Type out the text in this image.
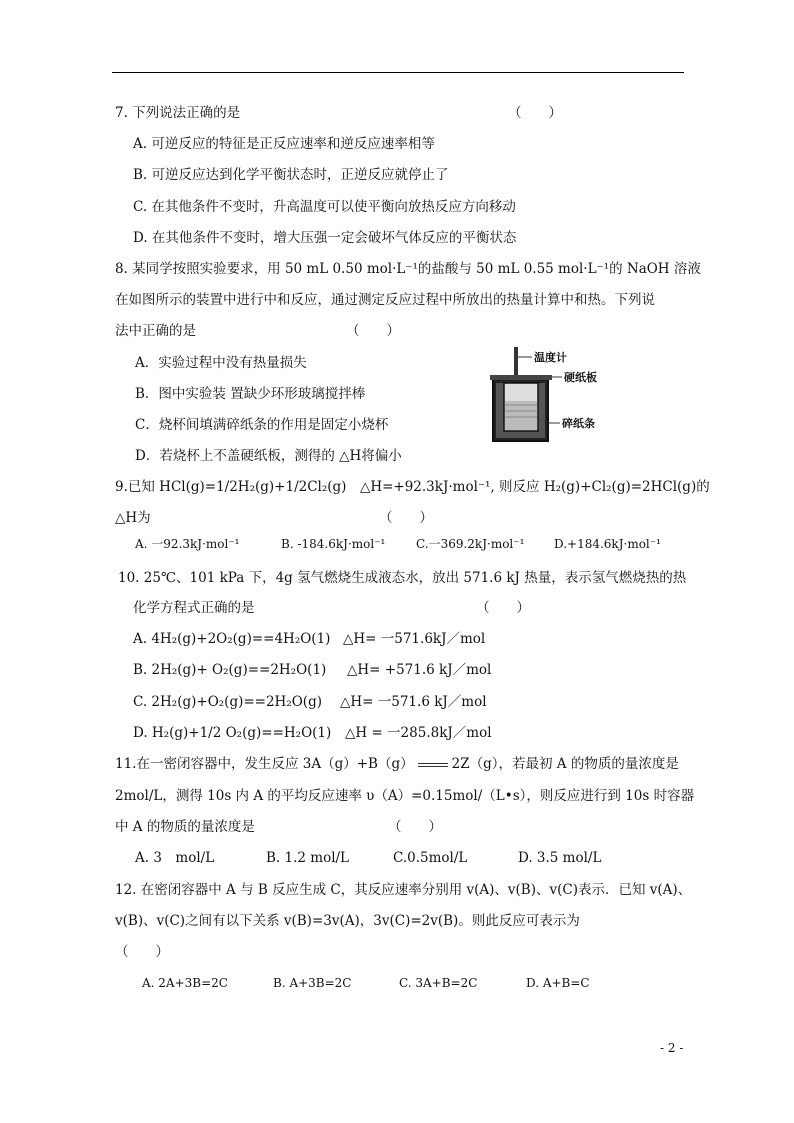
7. 下列说法正确的是	（　　）
A. 可逆反应的特征是正反应速率和逆反应速率相等
B. 可逆反应达到化学平衡状态时，正逆反应就停止了
C. 在其他条件不变时，升高温度可以使平衡向放热反应方向移动
D. 在其他条件不变时，增大压强一定会破坏气体反应的平衡状态
8. 某同学按照实验要求，用 50 mL 0.50 mol·L⁻¹的盐酸与 50 mL 0.55 mol·L⁻¹的 NaOH 溶液
在如图所示的装置中进行中和反应，通过测定反应过程中所放出的热量计算中和热。下列说
法中正确的是	（　　）
A．实验过程中没有热量损失
B．图中实验装 置缺少环形玻璃搅拌棒
C．烧杯间填满碎纸条的作用是固定小烧杯
D．若烧杯上不盖硬纸板，测得的 △H将偏小
温度计
硬纸板
碎纸条
9.已知 HCl(g)=1/2H₂(g)+1/2Cl₂(g)　△H=+92.3kJ·mol⁻¹, 则反应 H₂(g)+Cl₂(g)=2HCl(g)的
△H为	（　　）
A. 一92.3kJ·mol⁻¹	B. -184.6kJ·mol⁻¹	C.一369.2kJ·mol⁻¹ D.+184.6kJ·mol⁻¹
10. 25℃、101 kPa 下，4g 氢气燃烧生成液态水，放出 571.6 kJ 热量，表示氢气燃烧热的热
化学方程式正确的是	（　　）
A. 4H₂(g)+2O₂(g)==4H₂O(1) △H= 一571.6kJ／mol
B. 2H₂(g)+ O₂(g)==2H₂O(1) △H= +571.6 kJ／mol
C. 2H₂(g)+O₂(g)==2H₂O(g) △H= 一571.6 kJ／mol
D. H₂(g)+1/2 O₂(g)==H₂O(1) △H = 一285.8kJ／mol
11.在一密闭容器中，发生反应 3A（g）+B（g）	2Z（g），若最初 A 的物质的量浓度是
2mol/L，测得 10s 内 A 的平均反应速率 υ（A）=0.15mol/（L•s），则反应进行到 10s 时容器
中 A 的物质的量浓度是	（　　）
A. 3　mol/L	B. 1.2 mol/L	C.0.5mol/L	D. 3.5 mol/L
12. 在密闭容器中 A 与 B 反应生成 C，其反应速率分别用 v(A)、v(B)、v(C)表示．已知 v(A)、
v(B)、v(C)之间有以下关系 v(B)=3v(A)，3v(C)=2v(B)。则此反应可表示为
（　　）
A. 2A+3B=2C	B. A+3B=2C	C. 3A+B=2C	D. A+B=C
- 2 -
